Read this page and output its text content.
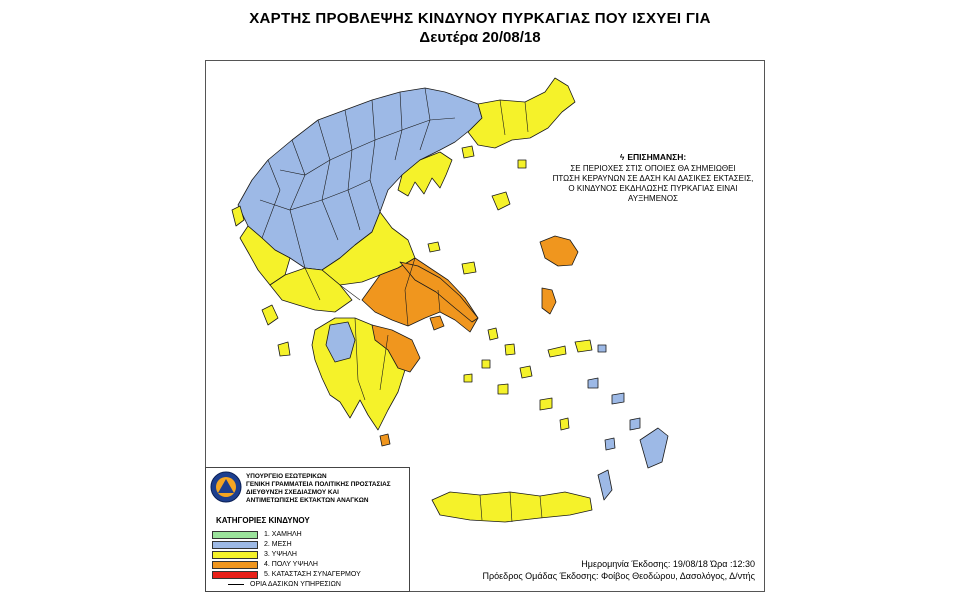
ΧΑΡΤΗΣ ΠΡΟΒΛΕΨΗΣ ΚΙΝΔΥΝΟΥ ΠΥΡΚΑΓΙΑΣ ΠΟΥ ΙΣΧΥΕΙ ΓΙΑ
Δευτέρα 20/08/18
ϟ ΕΠΙΣΗΜΑΝΣΗ:
ΣΕ ΠΕΡΙΟΧΕΣ ΣΤΙΣ ΟΠΟΙΕΣ ΘΑ ΣΗΜΕΙΩΘΕΙ
ΠΤΩΣΗ ΚΕΡΑΥΝΩΝ ΣΕ ΔΑΣΗ ΚΑΙ ΔΑΣΙΚΕΣ ΕΚΤΑΣΕΙΣ,
Ο ΚΙΝΔΥΝΟΣ ΕΚΔΗΛΩΣΗΣ ΠΥΡΚΑΓΙΑΣ ΕΙΝΑΙ ΑΥΞΗΜΕΝΟΣ
ΥΠΟΥΡΓΕΙΟ ΕΣΩΤΕΡΙΚΩΝ
ΓΕΝΙΚΗ ΓΡΑΜΜΑΤΕΙΑ ΠΟΛΙΤΙΚΗΣ ΠΡΟΣΤΑΣΙΑΣ
ΔΙΕΥΘΥΝΣΗ ΣΧΕΔΙΑΣΜΟΥ ΚΑΙ
ΑΝΤΙΜΕΤΩΠΙΣΗΣ ΕΚΤΑΚΤΩΝ ΑΝΑΓΚΩΝ
ΚΑΤΗΓΟΡΙΕΣ ΚΙΝΔΥΝΟΥ
1. ΧΑΜΗΛΗ
2. ΜΕΣΗ
3. ΥΨΗΛΗ
4. ΠΟΛΥ ΥΨΗΛΗ
5. ΚΑΤΑΣΤΑΣΗ ΣΥΝΑΓΕΡΜΟΥ
ΟΡΙΑ ΔΑΣΙΚΩΝ ΥΠΗΡΕΣΙΩΝ
Ημερομηνία Έκδοσης: 19/08/18 Ώρα :12:30
Πρόεδρος Ομάδας Έκδοσης: Φοίβος Θεοδώρου, Δασολόγος, Δ/ντής
